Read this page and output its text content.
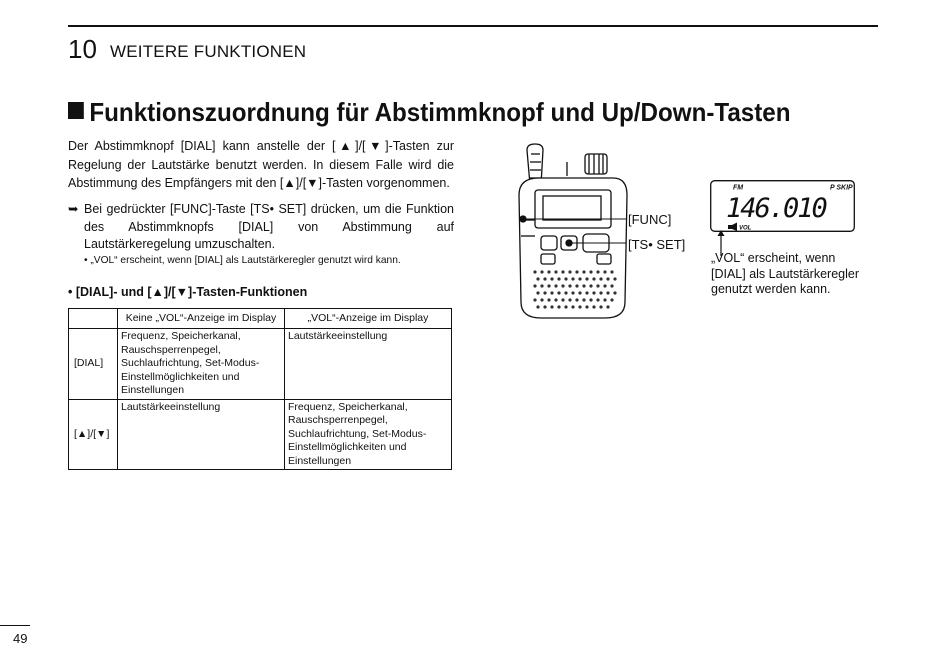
10 WEITERE FUNKTIONEN
Funktionszuordnung für Abstimmknopf und Up/Down-Tasten
Der Abstimmknopf [DIAL] kann anstelle der [▲]/[▼]-Tasten zur Regelung der Lautstärke benutzt werden. In diesem Falle wird die Abstimmung des Empfängers mit den [▲]/[▼]-Tasten vorgenommen.
➥ Bei gedrückter [FUNC]-Taste [TS• SET] drücken, um die Funktion des Abstimmknopfs [DIAL] von Abstimmung auf Lautstärkeregelung umzuschalten.
• „VOL“ erscheint, wenn [DIAL] als Lautstärkeregler genutzt wird kann.
• [DIAL]- und [▲]/[▼]-Tasten-Funktionen
	Keine „VOL“-Anzeige im Display	„VOL“-Anzeige im Display
[DIAL]	Frequenz, Speicherkanal, Rauschsperrenpegel, Suchlaufrichtung, Set-Modus-Einstellmöglichkeiten und Einstellungen	Lautstärkeeinstellung
[▲]/[▼]	Lautstärkeeinstellung	Frequenz, Speicherkanal, Rauschsperrenpegel, Suchlaufrichtung, Set-Modus-Einstellmöglichkeiten und Einstellungen
[FUNC]
[TS• SET]
FM	P SKIP
146.010
VOL
„VOL“ erscheint, wenn [DIAL] als Lautstärkeregler genutzt werden kann.
49
